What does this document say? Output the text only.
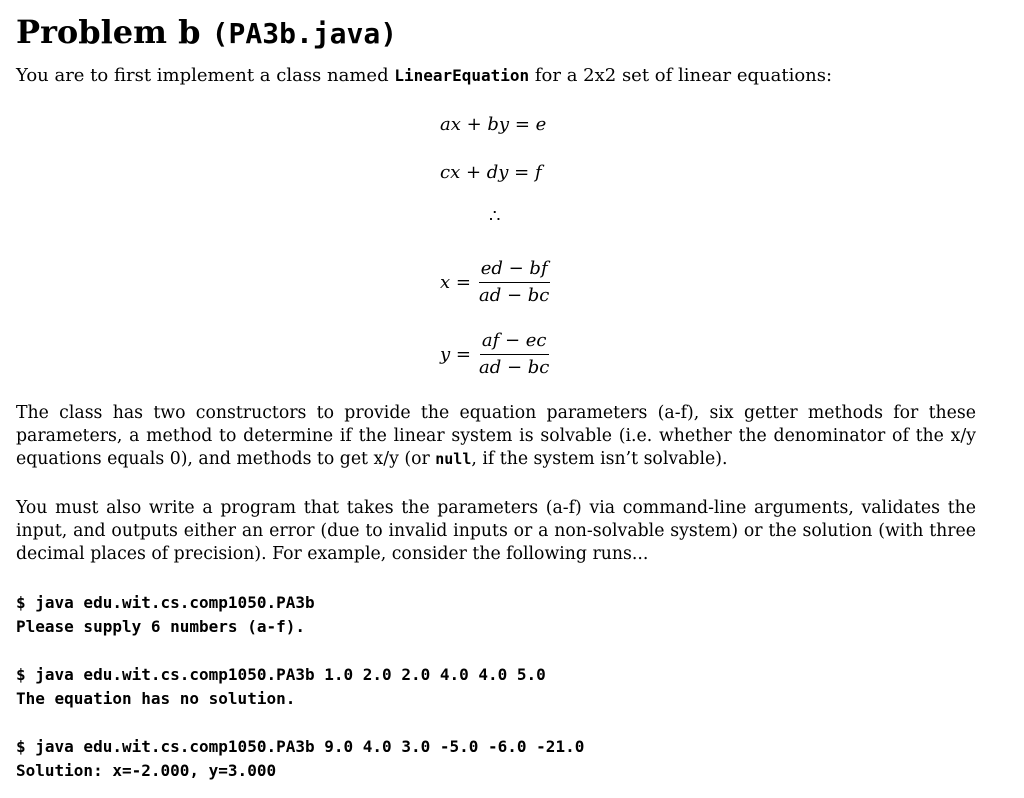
Problem b (PA3b.java)

You are to first implement a class named LinearEquation for a 2x2 set of linear equations:

ax + by = e
cx + dy = f
∴
$x = \frac{ed - bf}{ad - bc}$
$y = \frac{af - ec}{ad - bc}$

The class has two constructors to provide the equation parameters (a-f), six getter methods for these parameters, a method to determine if the linear system is solvable (i.e. whether the denominator of the x/y equations equals 0), and methods to get x/y (or null, if the system isn’t solvable).

You must also write a program that takes the parameters (a-f) via command-line arguments, validates the input, and outputs either an error (due to invalid inputs or a non-solvable system) or the solution (with three decimal places of precision). For example, consider the following runs...

$ java edu.wit.cs.comp1050.PA3b
Please supply 6 numbers (a-f).
$ java edu.wit.cs.comp1050.PA3b 1.0 2.0 2.0 4.0 4.0 5.0
The equation has no solution.
$ java edu.wit.cs.comp1050.PA3b 9.0 4.0 3.0 -5.0 -6.0 -21.0
Solution: x=-2.000, y=3.000
